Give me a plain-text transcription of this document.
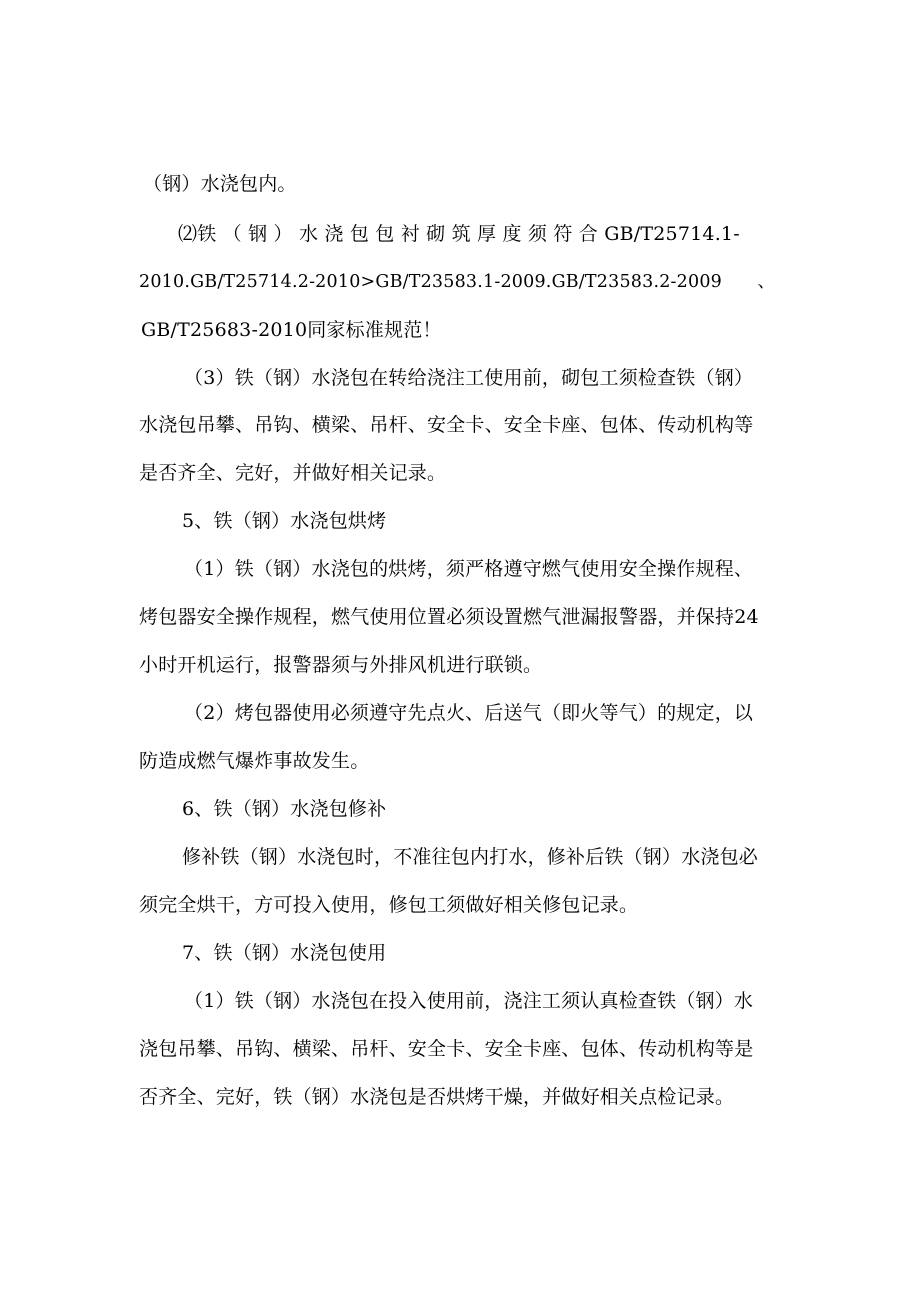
（钢）水浇包内。
⑵铁 （ 钢 ） 水 浇 包 包 衬 砌 筑 厚 度 须 符 合 GB/T25714.1-
2010.GB/T25714.2-2010>GB/T23583.1-2009.GB/T23583.2-2009　　、
GB/T25683-2010同家标准规范！
（3）铁（钢）水浇包在转给浇注工使用前，砌包工须检查铁（钢）
水浇包吊攀、吊钩、横梁、吊杆、安全卡、安全卡座、包体、传动机构等
是否齐全、完好，并做好相关记录。
5、铁（钢）水浇包烘烤
（1）铁（钢）水浇包的烘烤，须严格遵守燃气使用安全操作规程、
烤包器安全操作规程，燃气使用位置必须设置燃气泄漏报警器，并保持24
小时开机运行，报警器须与外排风机进行联锁。
（2）烤包器使用必须遵守先点火、后送气（即火等气）的规定，以
防造成燃气爆炸事故发生。
6、铁（钢）水浇包修补
修补铁（钢）水浇包时，不准往包内打水，修补后铁（钢）水浇包必
须完全烘干，方可投入使用，修包工须做好相关修包记录。
7、铁（钢）水浇包使用
（1）铁（钢）水浇包在投入使用前，浇注工须认真检查铁（钢）水
浇包吊攀、吊钩、横梁、吊杆、安全卡、安全卡座、包体、传动机构等是
否齐全、完好，铁（钢）水浇包是否烘烤干燥，并做好相关点检记录。
